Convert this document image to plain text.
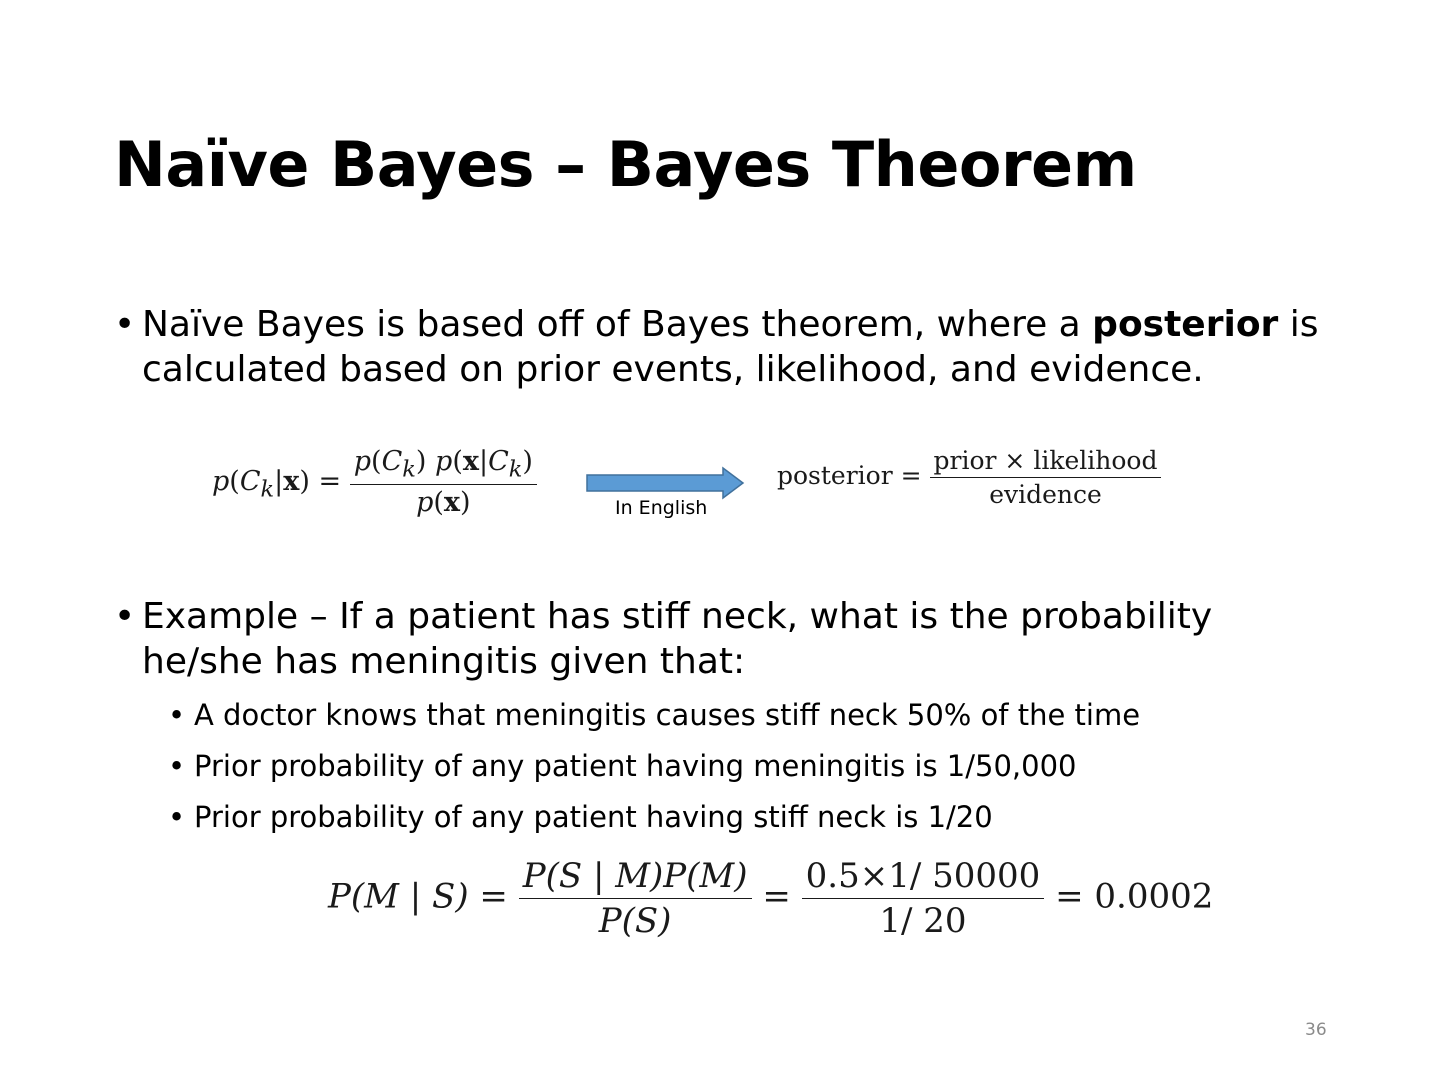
Naïve Bayes – Bayes Theorem
• Naïve Bayes is based off of Bayes theorem, where a posterior is calculated based on prior events, likelihood, and evidence.
$p(C_k|x) = \frac{p(C_k) p(x|C_k)}{p(x)}$	In English
posterior = $\frac{\text{prior × likelihood}}{\text{evidence}}$
• Example – If a patient has stiff neck, what is the probability he/she has meningitis given that:
• A doctor knows that meningitis causes stiff neck 50% of the time
• Prior probability of any patient having meningitis is 1/50,000
• Prior probability of any patient having stiff neck is 1/20
P(M | $S) = \frac{P(S | M)P(M)}{P(S)} = \frac{0.5\times 1/ 50000}{1/ 20} = 0.0002$
36
